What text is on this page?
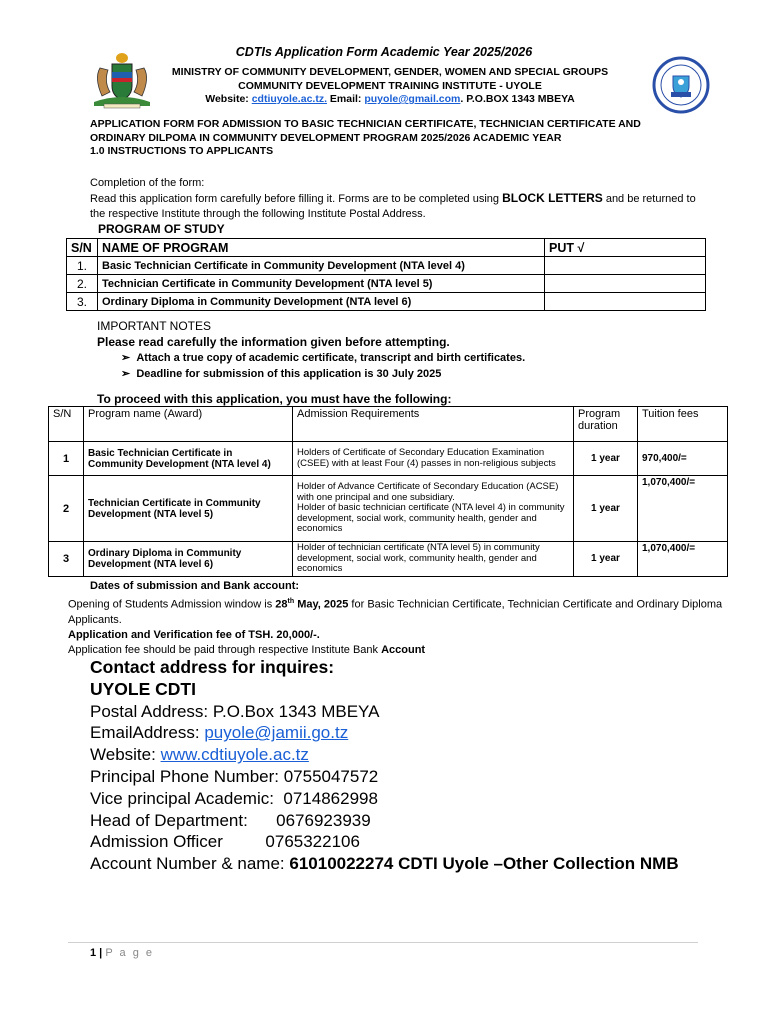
CDTIs Application Form Academic Year 2025/2026
MINISTRY OF COMMUNITY DEVELOPMENT, GENDER, WOMEN AND SPECIAL GROUPS
COMMUNITY DEVELOPMENT TRAINING INSTITUTE - UYOLE
Website: cdtiuyole.ac.tz. Email: puyole@gmail.com. P.O.BOX 1343 MBEYA
APPLICATION FORM FOR ADMISSION TO BASIC TECHNICIAN CERTIFICATE, TECHNICIAN CERTIFICATE AND
ORDINARY DILPOMA IN COMMUNITY DEVELOPMENT PROGRAM 2025/2026 ACADEMIC YEAR
1.0 INSTRUCTIONS TO APPLICANTS
Completion of the form:
Read this application form carefully before filling it. Forms are to be completed using BLOCK LETTERS and be returned to the respective Institute through the following Institute Postal Address.
PROGRAM OF STUDY
S/N	NAME OF PROGRAM	PUT √
1.	Basic Technician Certificate in Community Development (NTA level 4)	
2.	Technician Certificate in Community Development (NTA level 5)	
3.	Ordinary Diploma in Community Development (NTA level 6)	
IMPORTANT NOTES
Please read carefully the information given before attempting.
➢  Attach a true copy of academic certificate, transcript and birth certificates.
➢  Deadline for submission of this application is 30 July 2025
To proceed with this application, you must have the following:
S/N	Program name (Award)	Admission Requirements	Program duration	Tuition fees
1	Basic Technician Certificate in Community Development (NTA level 4)	Holders of Certificate of Secondary Education Examination (CSEE) with at least Four (4) passes in non-religious subjects	1 year	970,400/=
2	Technician Certificate in Community Development (NTA level 5)	Holder of Advance Certificate of Secondary Education (ACSE) with one principal and one subsidiary.
Holder of basic technician certificate (NTA level 4) in community development, social work, community health, gender and economics	1 year	1,070,400/=
3	Ordinary Diploma in Community Development (NTA level 6)	Holder of technician certificate (NTA level 5) in community development, social work, community health, gender and economics	1 year	1,070,400/=
Dates of submission and Bank account:
Opening of Students Admission window is 28th May, 2025 for Basic Technician Certificate, Technician Certificate and Ordinary Diploma Applicants.
Application and Verification fee of TSH. 20,000/-.
Application fee should be paid through respective Institute Bank Account
Contact address for inquires:
UYOLE CDTI
Postal Address: P.O.Box 1343 MBEYA
EmailAddress: puyole@jamii.go.tz
Website: www.cdtiuyole.ac.tz
Principal Phone Number: 0755047572
Vice principal Academic:  0714862998
Head of Department:      0676923939
Admission Officer         0765322106
Account Number & name: 61010022274 CDTI Uyole –Other Collection NMB
1 | P a g e
